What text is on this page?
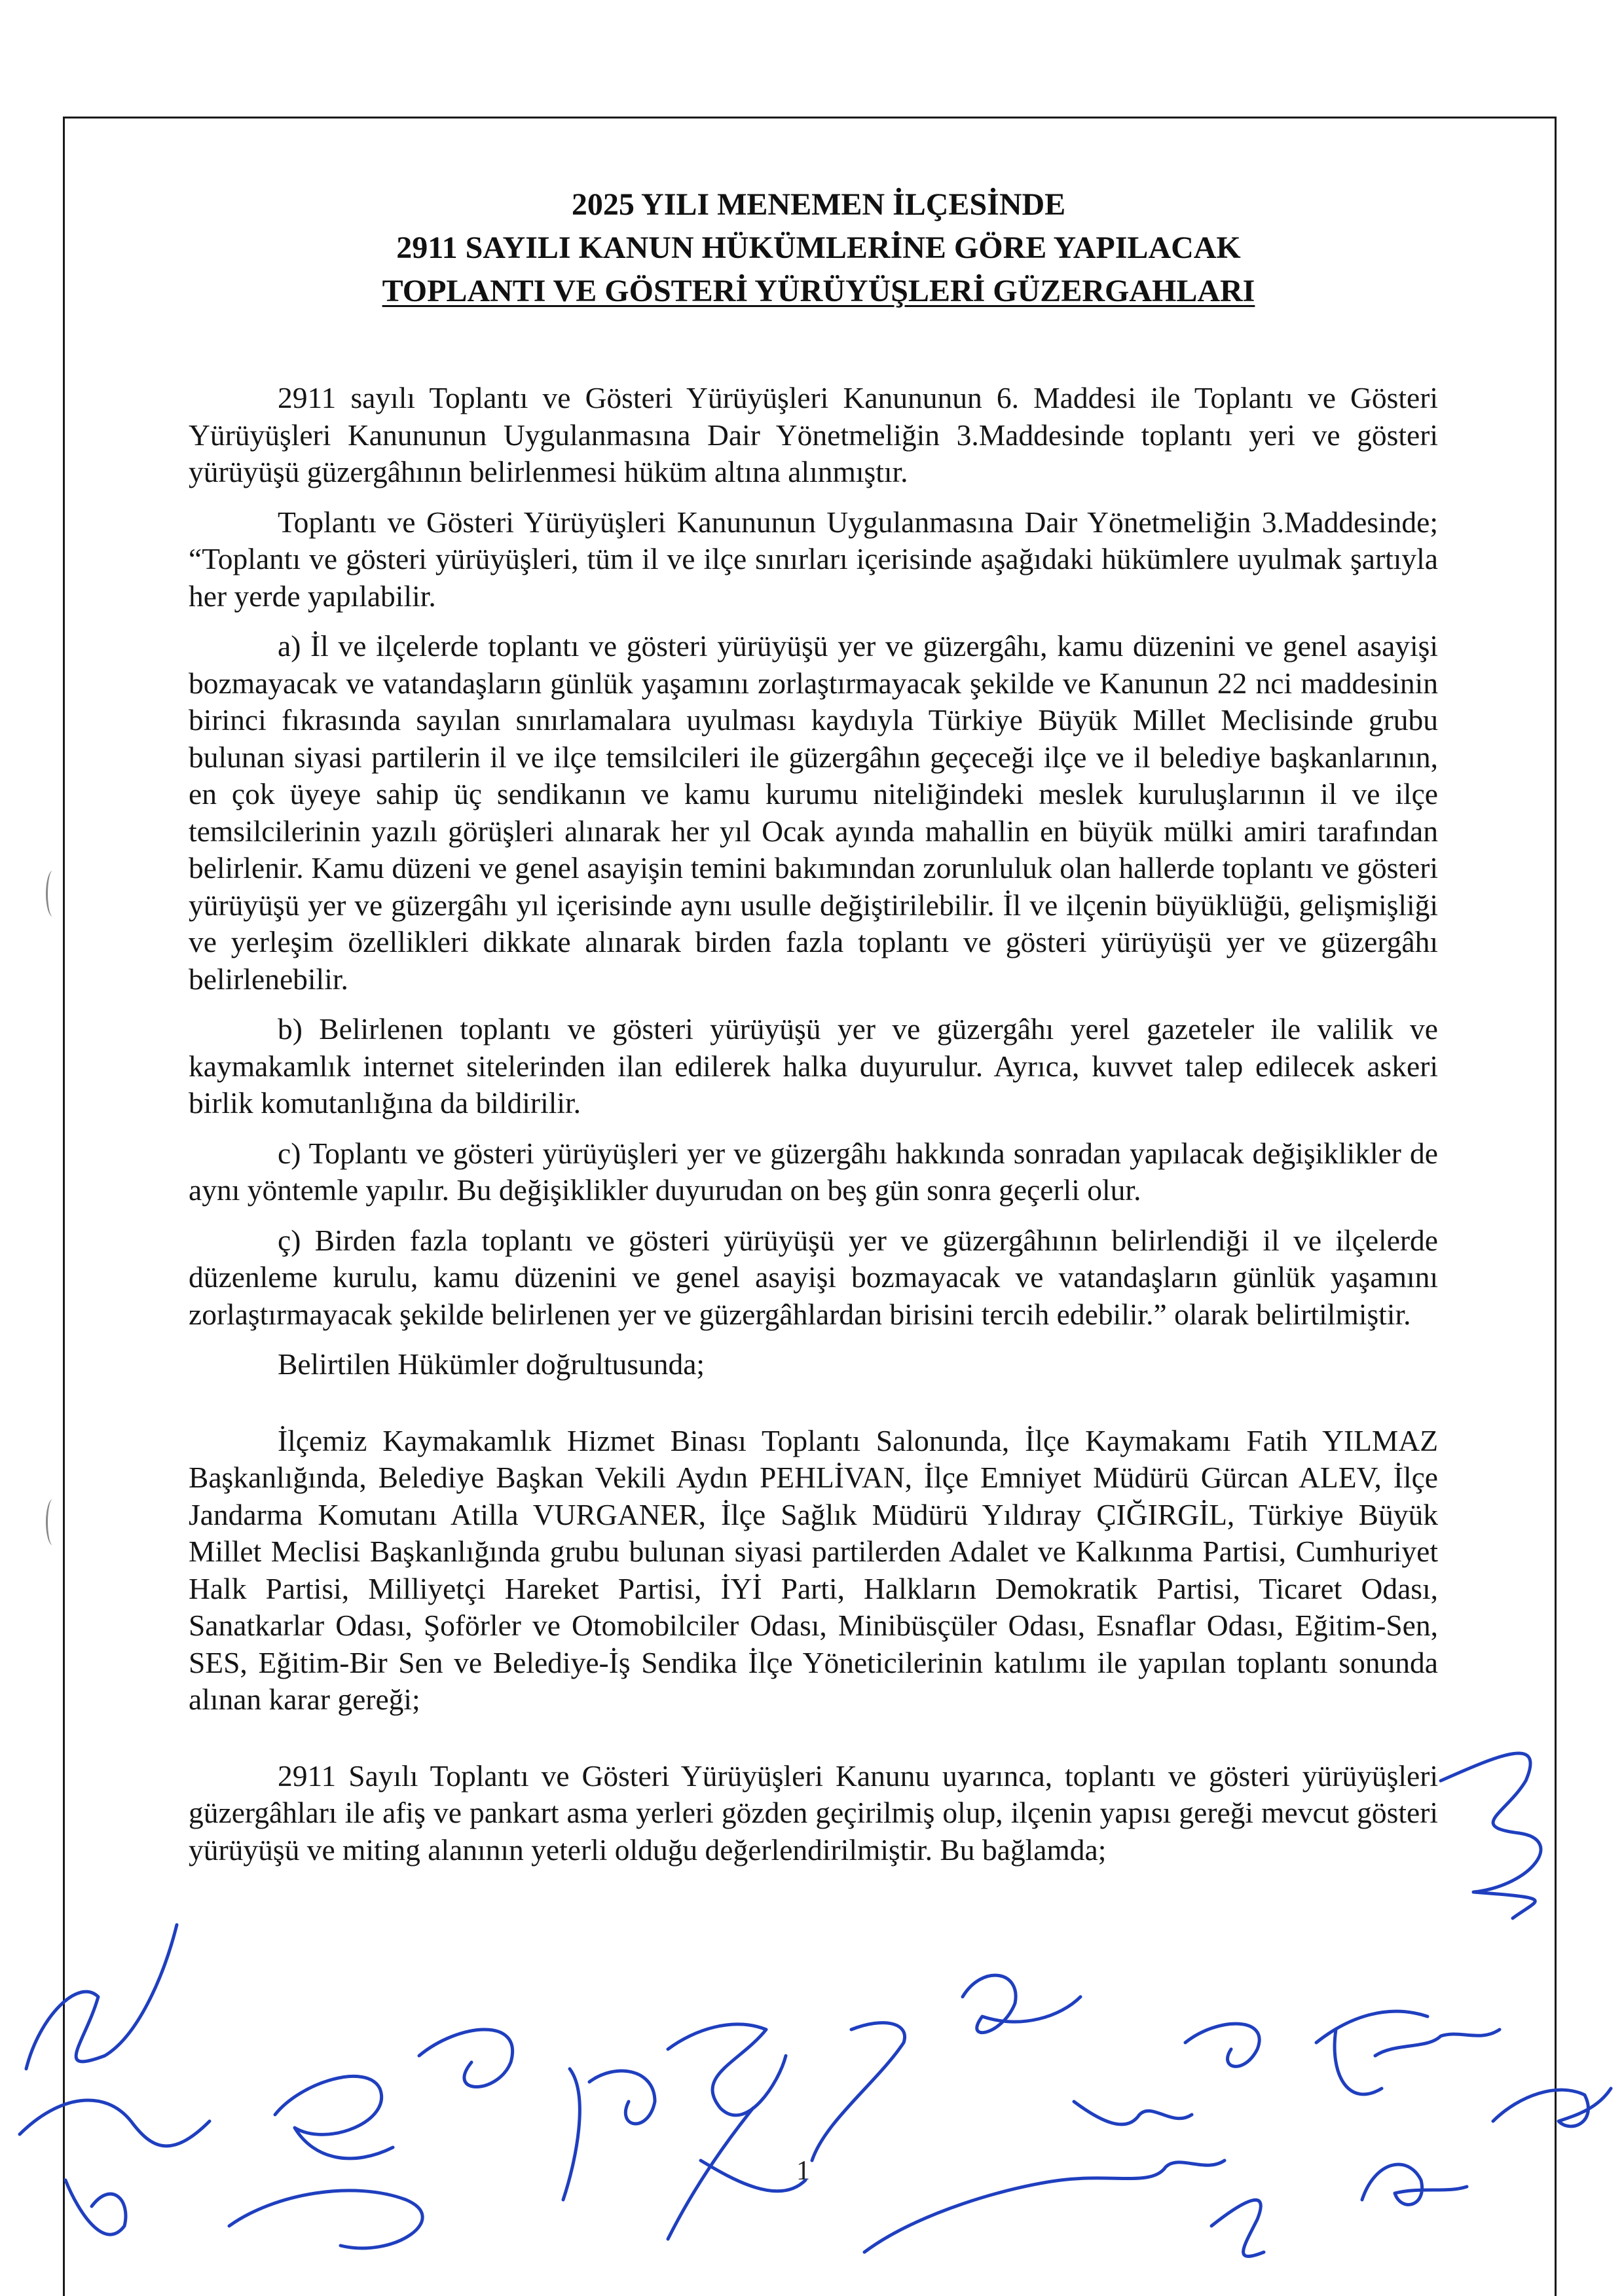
2025 YILI MENEMEN İLÇESİNDE
2911 SAYILI KANUN HÜKÜMLERİNE GÖRE YAPILACAK
TOPLANTI VE GÖSTERİ YÜRÜYÜŞLERİ GÜZERGAHLARI

2911 sayılı Toplantı ve Gösteri Yürüyüşleri Kanununun 6. Maddesi ile Toplantı ve Gösteri Yürüyüşleri Kanununun Uygulanmasına Dair Yönetmeliğin 3.Maddesinde toplantı yeri ve gösteri yürüyüşü güzergâhının belirlenmesi hüküm altına alınmıştır.

Toplantı ve Gösteri Yürüyüşleri Kanununun Uygulanmasına Dair Yönetmeliğin 3.Maddesinde; “Toplantı ve gösteri yürüyüşleri, tüm il ve ilçe sınırları içerisinde aşağıdaki hükümlere uyulmak şartıyla her yerde yapılabilir.

a) İl ve ilçelerde toplantı ve gösteri yürüyüşü yer ve güzergâhı, kamu düzenini ve genel asayişi bozmayacak ve vatandaşların günlük yaşamını zorlaştırmayacak şekilde ve Kanunun 22 nci maddesinin birinci fıkrasında sayılan sınırlamalara uyulması kaydıyla Türkiye Büyük Millet Meclisinde grubu bulunan siyasi partilerin il ve ilçe temsilcileri ile güzergâhın geçeceği ilçe ve il belediye başkanlarının, en çok üyeye sahip üç sendikanın ve kamu kurumu niteliğindeki meslek kuruluşlarının il ve ilçe temsilcilerinin yazılı görüşleri alınarak her yıl Ocak ayında mahallin en büyük mülki amiri tarafından belirlenir. Kamu düzeni ve genel asayişin temini bakımından zorunluluk olan hallerde toplantı ve gösteri yürüyüşü yer ve güzergâhı yıl içerisinde aynı usulle değiştirilebilir. İl ve ilçenin büyüklüğü, gelişmişliği ve yerleşim özellikleri dikkate alınarak birden fazla toplantı ve gösteri yürüyüşü yer ve güzergâhı belirlenebilir.

b) Belirlenen toplantı ve gösteri yürüyüşü yer ve güzergâhı yerel gazeteler ile valilik ve kaymakamlık internet sitelerinden ilan edilerek halka duyurulur. Ayrıca, kuvvet talep edilecek askeri birlik komutanlığına da bildirilir.

c) Toplantı ve gösteri yürüyüşleri yer ve güzergâhı hakkında sonradan yapılacak değişiklikler de aynı yöntemle yapılır. Bu değişiklikler duyurudan on beş gün sonra geçerli olur.

ç) Birden fazla toplantı ve gösteri yürüyüşü yer ve güzergâhının belirlendiği il ve ilçelerde düzenleme kurulu, kamu düzenini ve genel asayişi bozmayacak ve vatandaşların günlük yaşamını zorlaştırmayacak şekilde belirlenen yer ve güzergâhlardan birisini tercih edebilir.” olarak belirtilmiştir.

Belirtilen Hükümler doğrultusunda;

İlçemiz Kaymakamlık Hizmet Binası Toplantı Salonunda, İlçe Kaymakamı Fatih YILMAZ Başkanlığında, Belediye Başkan Vekili Aydın PEHLİVAN, İlçe Emniyet Müdürü Gürcan ALEV, İlçe Jandarma Komutanı Atilla VURGANER, İlçe Sağlık Müdürü Yıldıray ÇIĞIRGİL, Türkiye Büyük Millet Meclisi Başkanlığında grubu bulunan siyasi partilerden Adalet ve Kalkınma Partisi, Cumhuriyet Halk Partisi, Milliyetçi Hareket Partisi, İYİ Parti, Halkların Demokratik Partisi, Ticaret Odası, Sanatkarlar Odası, Şoförler ve Otomobilciler Odası, Minibüsçüler Odası, Esnaflar Odası, Eğitim-Sen, SES, Eğitim-Bir Sen ve Belediye-İş Sendika İlçe Yöneticilerinin katılımı ile yapılan toplantı sonunda alınan karar gereği;

2911 Sayılı Toplantı ve Gösteri Yürüyüşleri Kanunu uyarınca, toplantı ve gösteri yürüyüşleri güzergâhları ile afiş ve pankart asma yerleri gözden geçirilmiş olup, ilçenin yapısı gereği mevcut gösteri yürüyüşü ve miting alanının yeterli olduğu değerlendirilmiştir. Bu bağlamda;

1
